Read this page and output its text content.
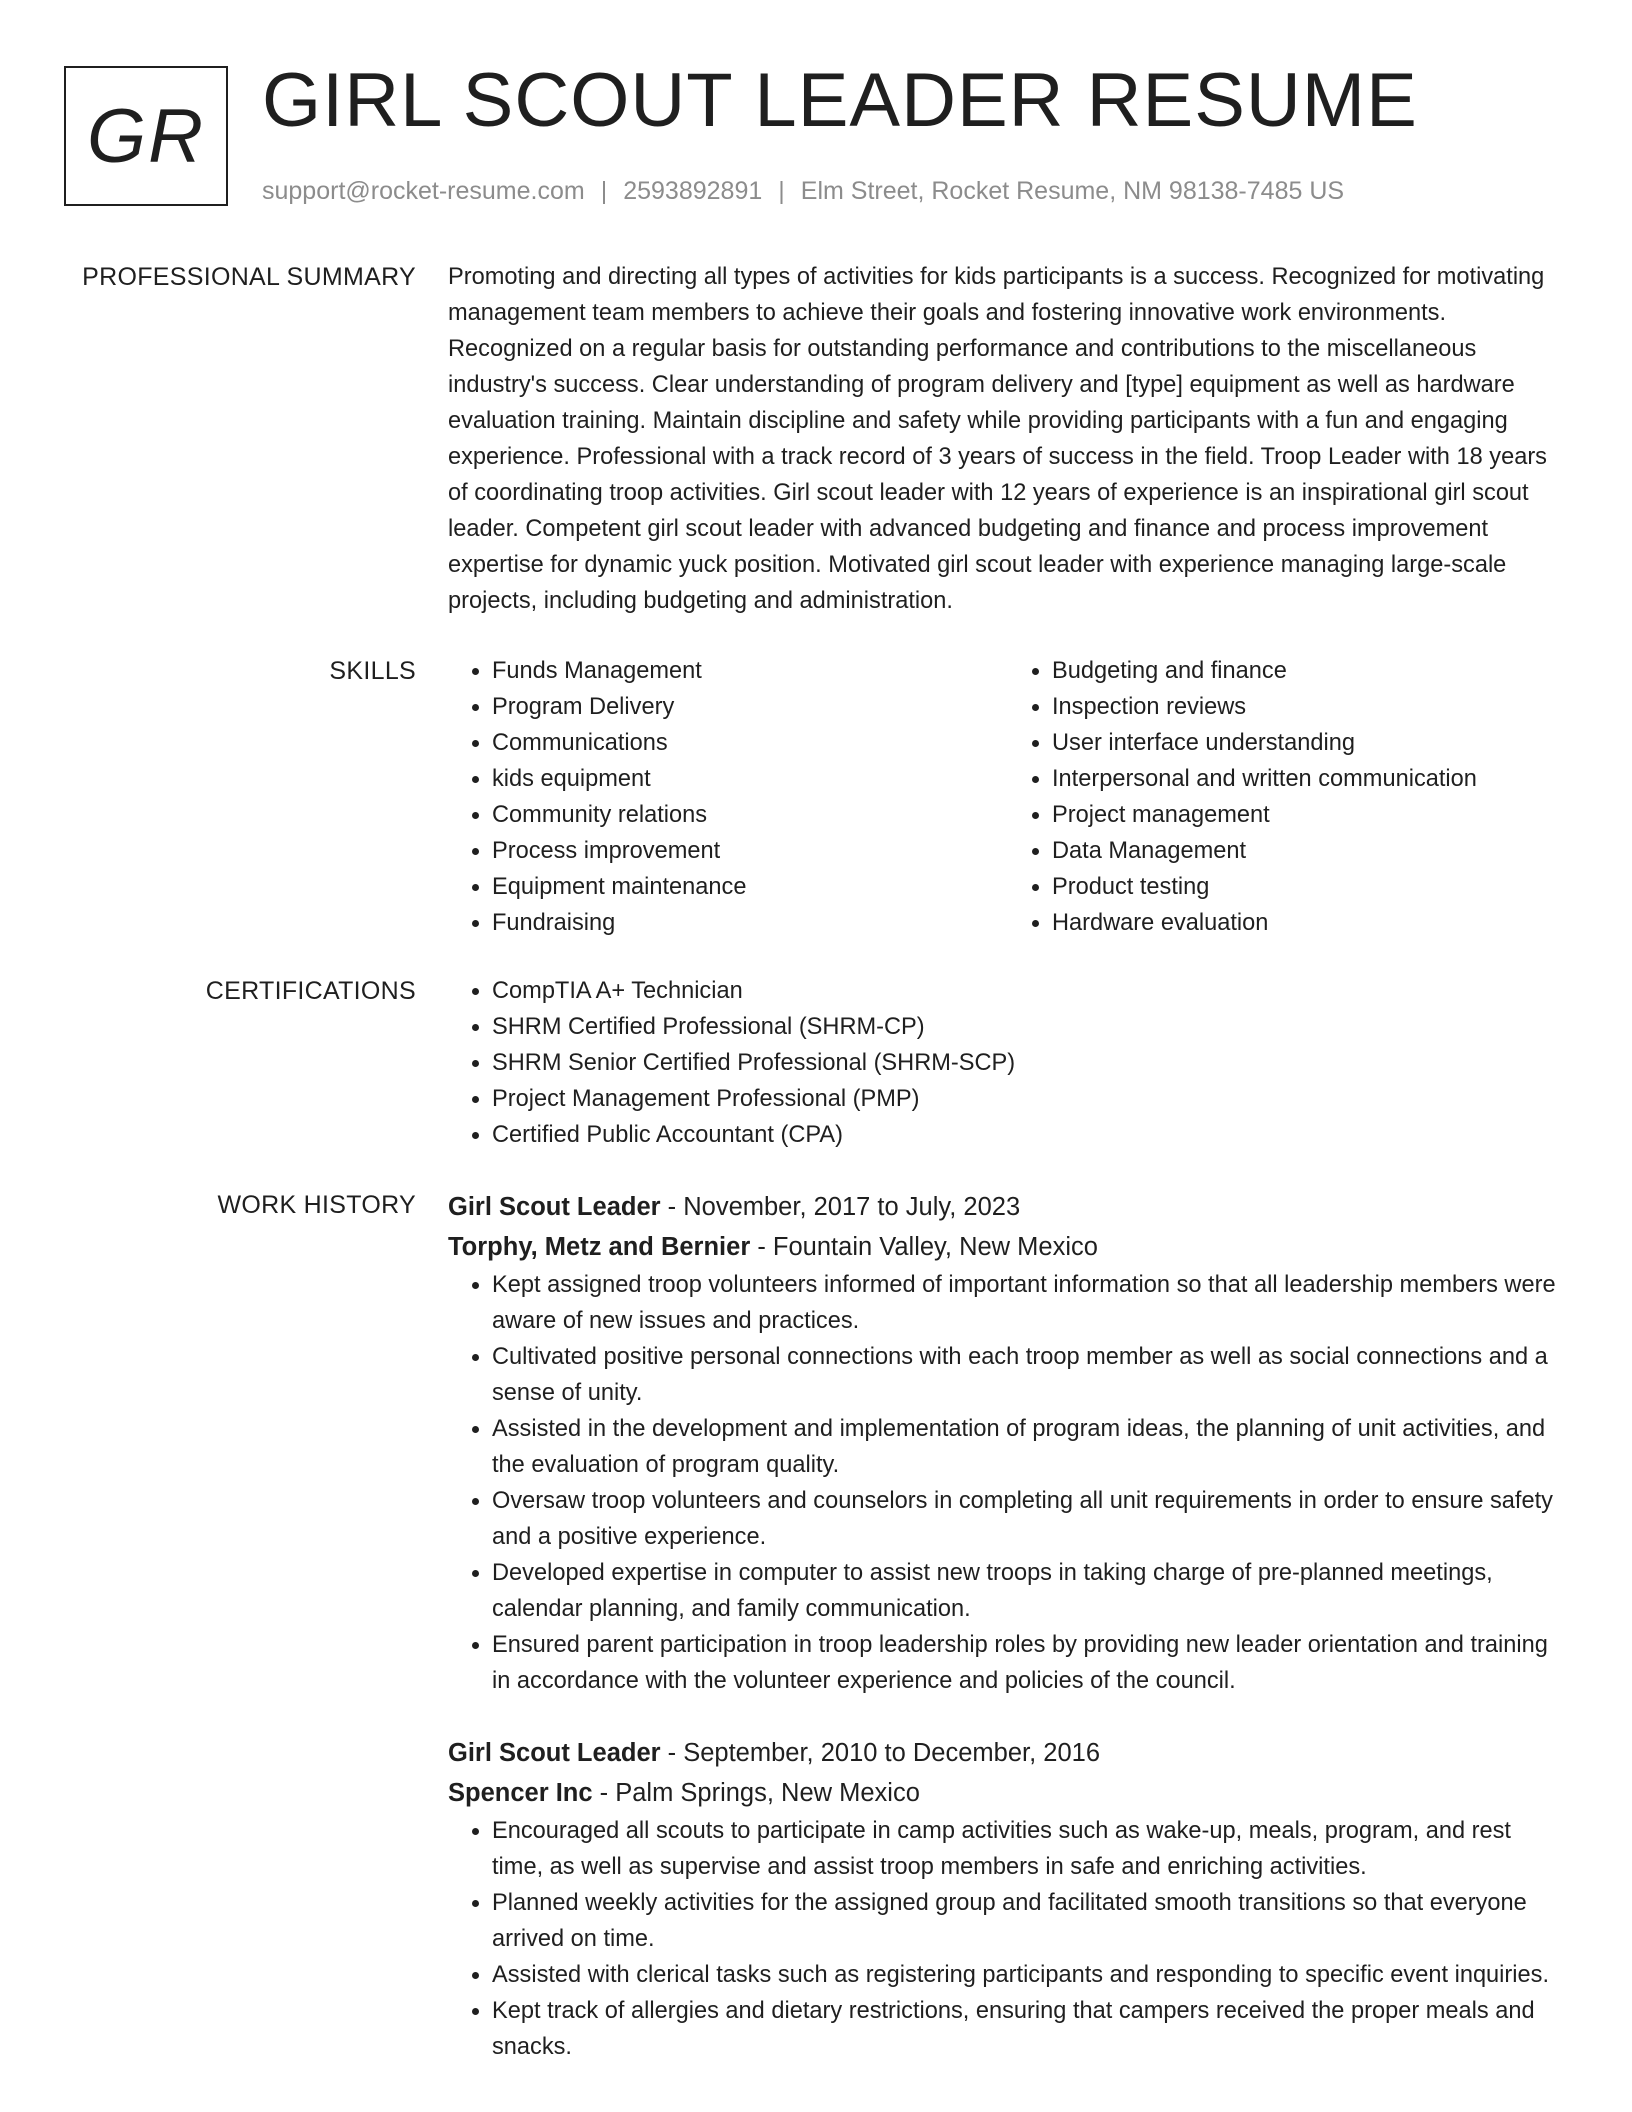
GR GIRL SCOUT LEADER RESUME
support@rocket-resume.com | 2593892891 | Elm Street, Rocket Resume, NM 98138-7485 US
PROFESSIONAL SUMMARY Promoting and directing all types of activities for kids participants is a success. Recognized for motivating management team members to achieve their goals and fostering innovative work environments. Recognized on a regular basis for outstanding performance and contributions to the miscellaneous industry's success. Clear understanding of program delivery and [type] equipment as well as hardware evaluation training. Maintain discipline and safety while providing participants with a fun and engaging experience. Professional with a track record of 3 years of success in the field. Troop Leader with 18 years of coordinating troop activities. Girl scout leader with 12 years of experience is an inspirational girl scout leader. Competent girl scout leader with advanced budgeting and finance and process improvement expertise for dynamic yuck position. Motivated girl scout leader with experience managing large-scale projects, including budgeting and administration.

SKILLS	• Funds Management
• Program Delivery
• Communications
• kids equipment
• Community relations
• Process improvement
• Equipment maintenance
• Fundraising
• Budgeting and finance
• Inspection reviews
• User interface understanding
• Interpersonal and written communication
• Project management
• Data Management
• Product testing
• Hardware evaluation
CERTIFICATIONS	• CompTIA A+ Technician
• SHRM Certified Professional (SHRM-CP)
• SHRM Senior Certified Professional (SHRM-SCP)
• Project Management Professional (PMP)
• Certified Public Accountant (CPA)
WORK HISTORY Girl Scout Leader - November, 2017 to July, 2023
Torphy, Metz and Bernier - Fountain Valley, New Mexico
• Kept assigned troop volunteers informed of important information so that all leadership members were aware of new issues and practices.
• Cultivated positive personal connections with each troop member as well as social connections and a sense of unity.
• Assisted in the development and implementation of program ideas, the planning of unit activities, and the evaluation of program quality.
• Oversaw troop volunteers and counselors in completing all unit requirements in order to ensure safety and a positive experience.
• Developed expertise in computer to assist new troops in taking charge of pre-planned meetings, calendar planning, and family communication.
• Ensured parent participation in troop leadership roles by providing new leader orientation and training in accordance with the volunteer experience and policies of the council.
Girl Scout Leader - September, 2010 to December, 2016
Spencer Inc - Palm Springs, New Mexico
• Encouraged all scouts to participate in camp activities such as wake-up, meals, program, and rest time, as well as supervise and assist troop members in safe and enriching activities.
• Planned weekly activities for the assigned group and facilitated smooth transitions so that everyone arrived on time.
• Assisted with clerical tasks such as registering participants and responding to specific event inquiries.
• Kept track of allergies and dietary restrictions, ensuring that campers received the proper meals and snacks.
